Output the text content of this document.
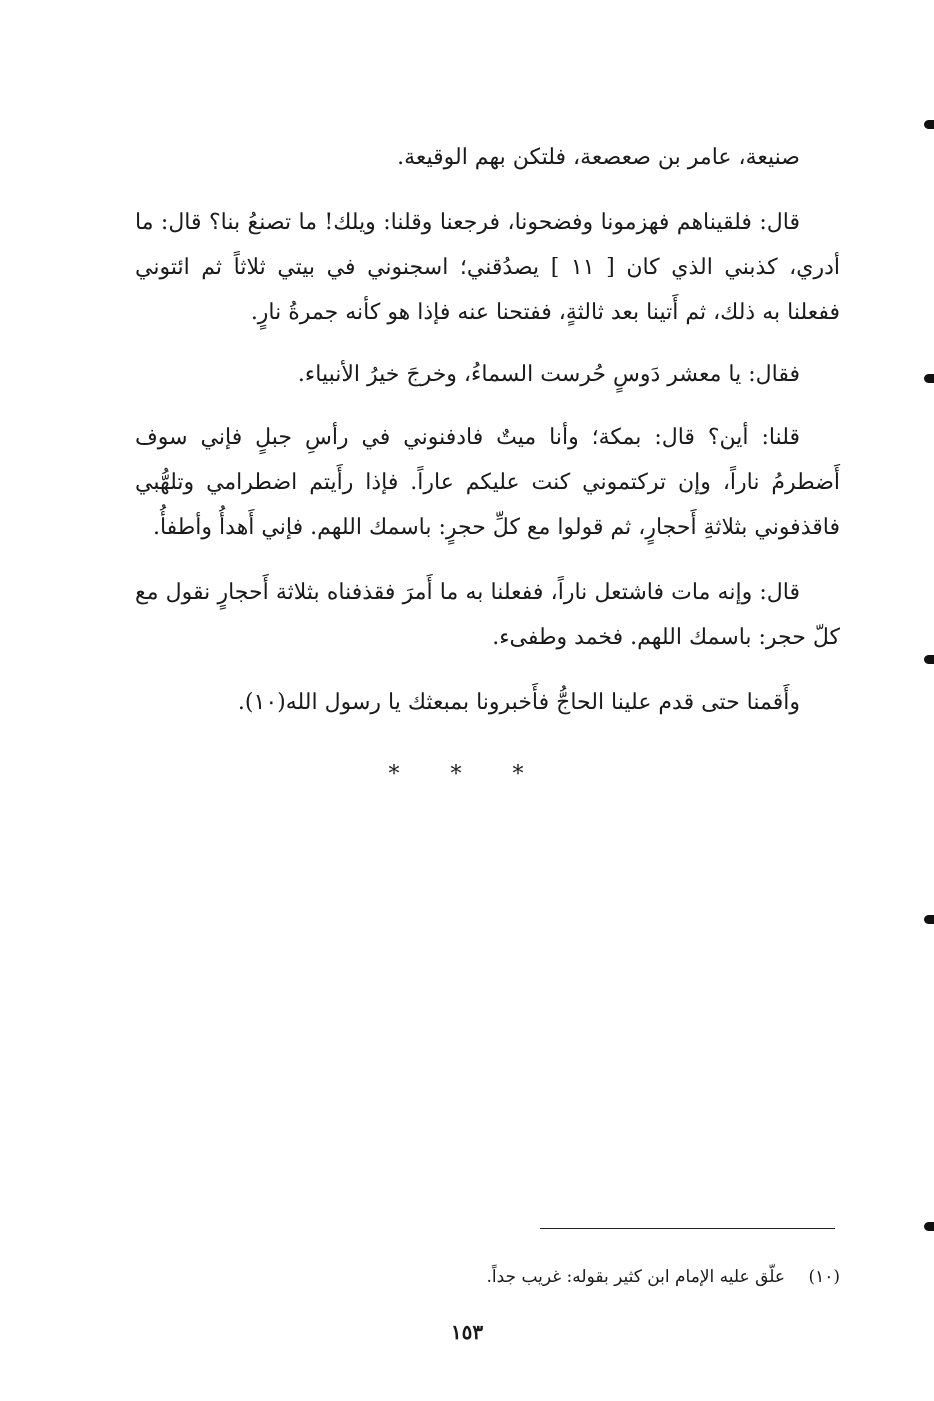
صنيعة، عامر بن صعصعة، فلتكن بهم الوقيعة.

قال: فلقيناهم فهزمونا وفضحونا، فرجعنا وقلنا: ويلك! ما تصنعُ بنا؟ قال: ما أدري، كذبني الذي كان [ ١١ ] يصدُقني؛ اسجنوني في بيتي ثلاثاً ثم ائتوني ففعلنا به ذلك، ثم أَتينا بعد ثالثةٍ، ففتحنا عنه فإذا هو كأنه جمرةُ نارٍ.

فقال: يا معشر دَوسٍ حُرست السماءُ، وخرجَ خيرُ الأنبياء.

قلنا: أين؟ قال: بمكة؛ وأنا ميتٌ فادفنوني في رأسِ جبلٍ فإني سوف أَضطرمُ ناراً، وإن تركتموني كنت عليكم عاراً. فإذا رأَيتم اضطرامي وتلهُّبي فاقذفوني بثلاثةِ أَحجارٍ، ثم قولوا مع كلِّ حجرٍ: باسمك اللهم. فإني أَهدأُ وأطفأُ.

قال: وإنه مات فاشتعل ناراً، ففعلنا به ما أَمرَ فقذفناه بثلاثة أَحجارٍ نقول مع كلّ حجر: باسمك اللهم. فخمد وطفىء.

وأَقمنا حتى قدم علينا الحاجُّ فأَخبرونا بمبعثك يا رسول الله(١٠).

* * *
(١٠) علّق عليه الإمام ابن كثير بقوله: غريب جداً.
١٥٣
